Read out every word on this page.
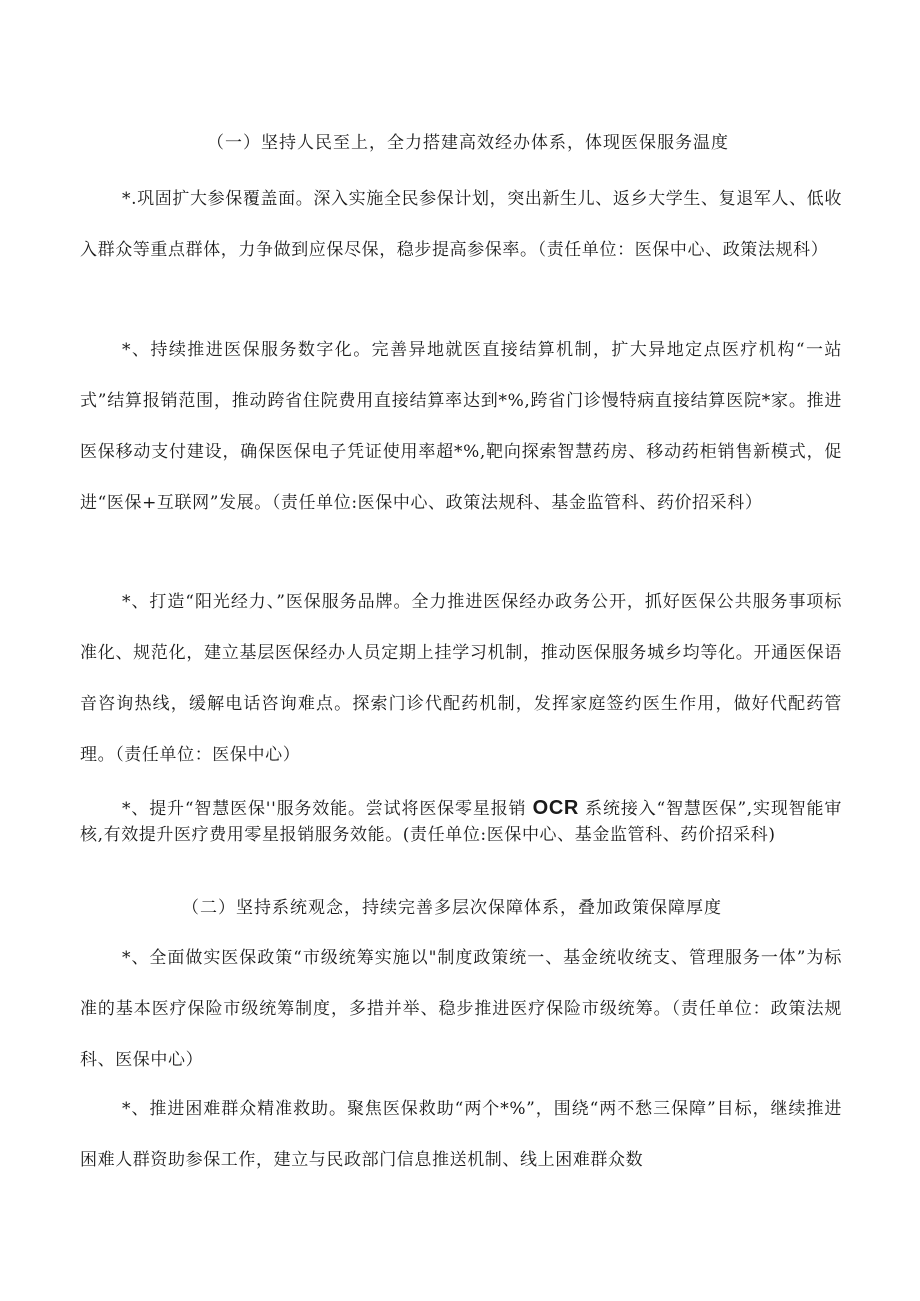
（一）坚持人民至上，全力搭建高效经办体系，体现医保服务温度
*.巩固扩大参保覆盖面。深入实施全民参保计划，突出新生儿、返乡大学生、复退军人、低收入群众等重点群体，力争做到应保尽保，稳步提高参保率。（责任单位：医保中心、政策法规科）
*、持续推进医保服务数字化。完善异地就医直接结算机制，扩大异地定点医疗机构“一站式”结算报销范围，推动跨省住院费用直接结算率达到*%,跨省门诊慢特病直接结算医院*家。推进医保移动支付建设，确保医保电子凭证使用率超*%,靶向探索智慧药房、移动药柜销售新模式，促进“医保+互联网”发展。（责任单位:医保中心、政策法规科、基金监管科、药价招采科）
*、打造“阳光经力、”医保服务品牌。全力推进医保经办政务公开，抓好医保公共服务事项标准化、规范化，建立基层医保经办人员定期上挂学习机制，推动医保服务城乡均等化。开通医保语音咨询热线，缓解电话咨询难点。探索门诊代配药机制，发挥家庭签约医生作用，做好代配药管理。（责任单位：医保中心）
*、提升“智慧医保''服务效能。尝试将医保零星报销 OCR 系统接入“智慧医保”,实现智能审核,有效提升医疗费用零星报销服务效能。(责任单位:医保中心、基金监管科、药价招采科)
（二）坚持系统观念，持续完善多层次保障体系，叠加政策保障厚度
*、全面做实医保政策“市级统筹实施以"制度政策统一、基金统收统支、管理服务一体”为标准的基本医疗保险市级统筹制度，多措并举、稳步推进医疗保险市级统筹。（责任单位：政策法规科、医保中心）
*、推进困难群众精准救助。聚焦医保救助“两个*%”，围绕“两不愁三保障”目标，继续推进困难人群资助参保工作，建立与民政部门信息推送机制、线上困难群众数
